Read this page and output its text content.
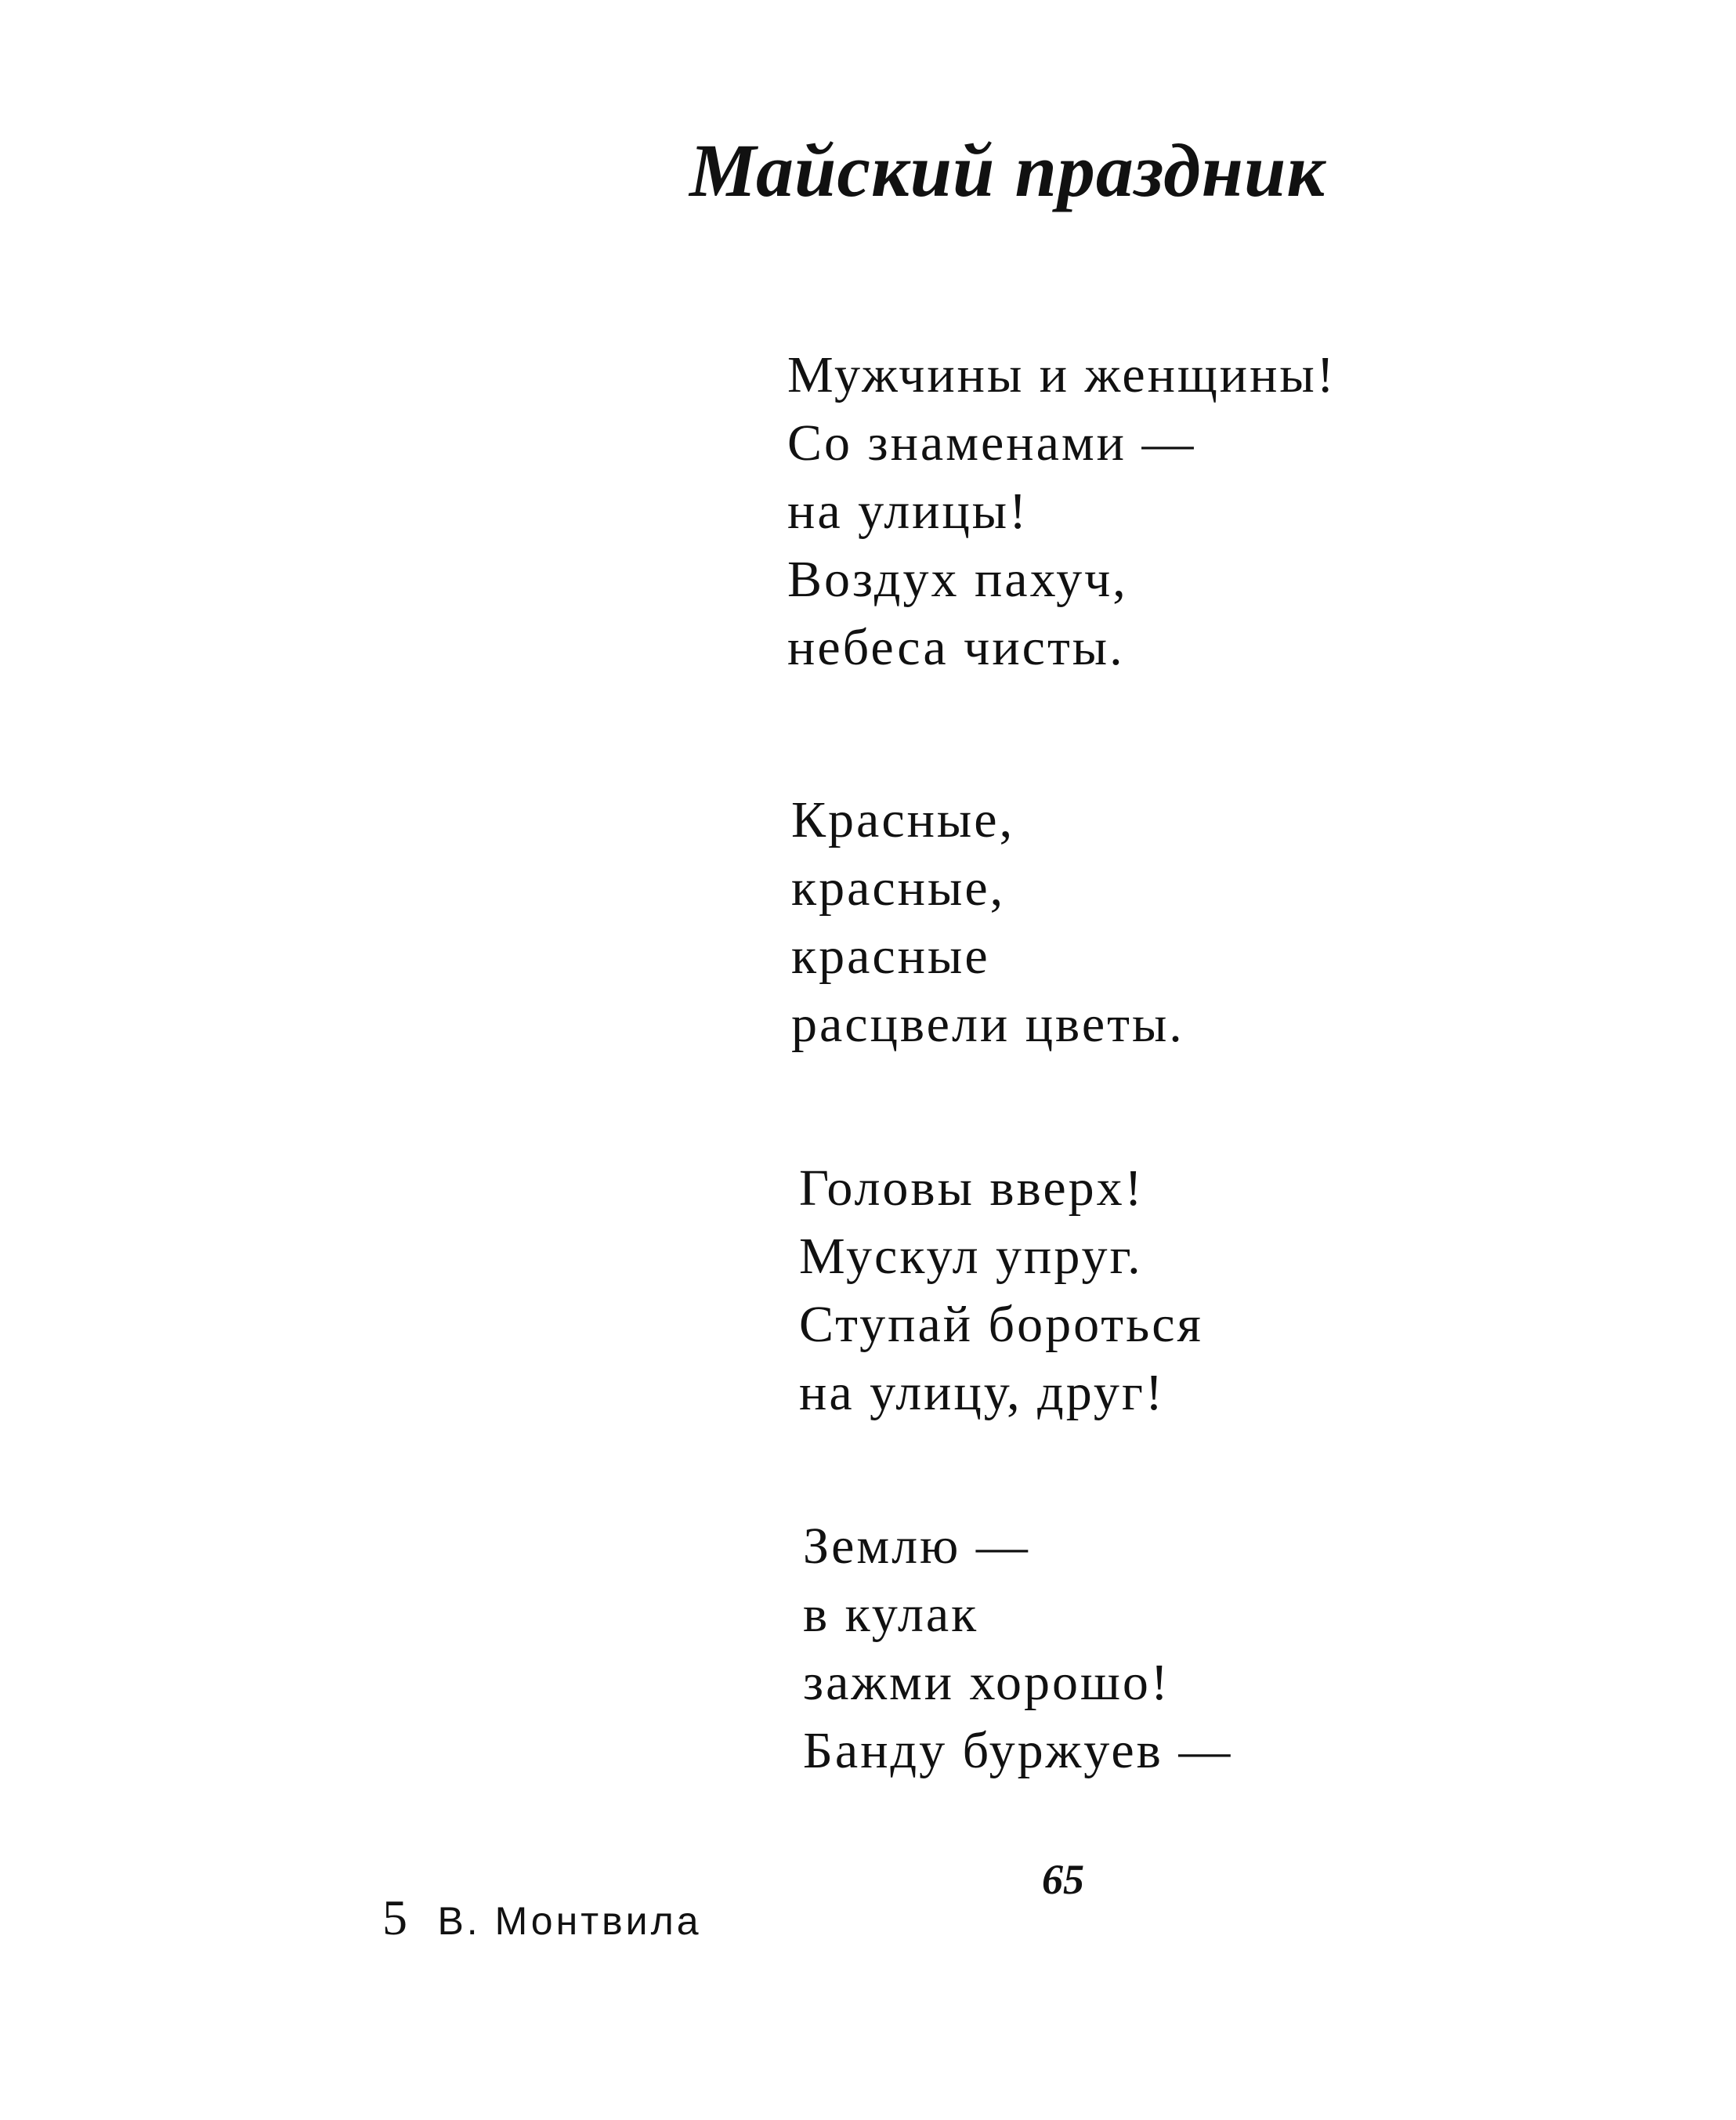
Майский праздник
Мужчины и женщины!
Со знаменами —
на улицы!
Воздух пахуч,
небеса чисты.
Красные,
красные,
красные
расцвели цветы.
Головы вверх!
Мускул упруг.
Ступай бороться
на улицу, друг!
Землю —
в кулак
зажми хорошо!
Банду буржуев —
65
5 В. Монтвила
